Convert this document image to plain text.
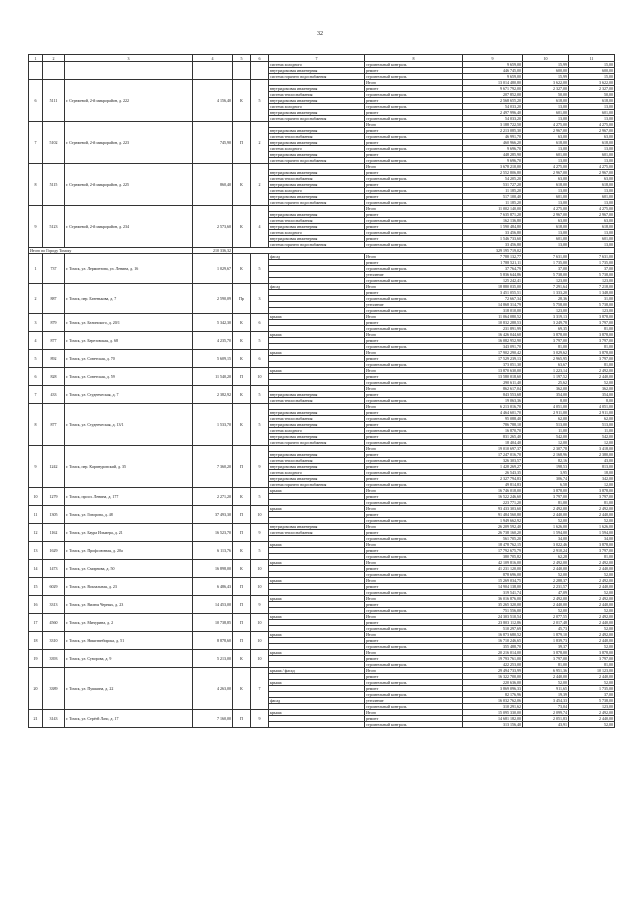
32
1	2	3	4	5	6	7	8	9	10	11
						система холодного	строительный контроль	9 659,00	15,99	15,00
						внутридомовая инженерная	ремонт	446 745,00	600,00	600,00
						система горячего водоснабжения	строительный контроль	9 659,00	15,99	15,00
6	5111	г. Стрежевой, 2-й микрорайон, д. 222	4 156,40	К	5		Итого	13 014 480,80	3 622,00	3 622,00
						внутридомовая инженерная	ремонт	9 671 792,00	2 327,00	2 327,00
						система теплоснабжения	строительный контроль	207 852,00	50,00	50,00
						внутридомовая инженерная	ремонт	2 568 655,20	618,00	618,00
						система холодного	строительный контроль	54 033,20	13,00	13,00
						внутридомовая инженерная	ремонт	2 497 996,40	601,00	601,00
						система горячего водоснабжения	строительный контроль	54 033,20	13,00	13,00
7	5102	г. Стрежевой, 2-й микрорайон, д. 223	745,90	П	2		Итого	3 188 722,50	4 275,00	4 275,00
						внутридомовая инженерная	ремонт	2 213 085,30	2 967,00	2 967,00
						система теплоснабжения	строительный контроль	46 991,70	63,00	63,00
						внутридомовая инженерная	ремонт	460 966,20	618,00	618,00
						система холодного	строительный контроль	9 696,70	13,00	13,00
						внутридомовая инженерная	ремонт	448 285,90	601,00	601,00
						система горячего водоснабжения	строительный контроль	9 696,70	13,00	13,00
8	5115	г. Стрежевой, 2-й микрорайон, д. 225	860,40	К	2		Итого	3 678 210,00	4 275,00	4 275,00
						внутридомовая инженерная	ремонт	2 552 806,80	2 967,00	2 967,00
						система теплоснабжения	строительный контроль	54 205,20	63,00	63,00
						внутридомовая инженерная	ремонт	531 727,20	618,00	618,00
						система холодного	строительный контроль	11 185,20	13,00	13,00
						внутридомовая инженерная	ремонт	517 100,40	601,00	601,00
						система горячего водоснабжения	строительный контроль	11 185,20	13,00	13,00
9	5123	г. Стрежевой, 2-й микрорайон, д. 234	2 573,60	К	4		Итого	11 002 140,00	4 275,00	4 275,00
						внутридомовая инженерная	ремонт	7 635 871,20	2 967,00	2 967,00
						система теплоснабжения	строительный контроль	162 136,80	63,00	63,00
						внутридомовая инженерная	ремонт	1 590 484,80	618,00	618,00
						система холодного	строительный контроль	33 456,80	13,00	13,00
						внутридомовая инженерная	ремонт	1 546 733,60	601,00	601,00
						система горячего водоснабжения	строительный контроль	33 456,80	13,00	13,00
Итого по Городу Томску			210 336,32					329 195 719,02		
1	737	г. Томск, ул. Лермонтова, ул. Ленина, д. 16	1 029,67	К	5	фасад	Итого	7 788 132,77	7 631,00	7 631,00
							ремонт	1 788 521,11	1 735,00	1 735,00
							строительный контроль	37 764,79	37,00	37,00
							утепление	5 836 644,86	5 738,00	5 738,00
							строительный контроль	125 242,41	123,00	123,00
2	887	г. Томск, пер. Батенькова, д. 7	2 590,09	Пр	3	фасад	Итого	18 880 035,00	7 291,64	7 218,00
							ремонт	3 451 055,51	1 333,20	1 348,00
							строительный контроль	72 667,34	28,36	31,00
							утепление	14 868 314,79	5 758,00	5 738,00
							строительный контроль	318 010,00	123,00	123,00
3	879	г. Томск, ул. Белинского, д. 20/1	5 342,30	К	6	крыша	Итого	11 064 080,52	3 319,13	3 878,00
							ремонт	10 832 288,53	3 249,78	3 797,00
							строительный контроль	231 891,99	69,35	81,00
4	877	г. Томск, ул. Березовская, д. 68	4 235,70	К	5	крыша	Итого	16 426 044,60	3 878,00	3 878,00
							ремонт	16 082 952,90	3 797,00	3 797,00
							строительный контроль	343 091,70	81,00	81,00
5	892	г. Томск, ул. Советская, д. 70	5 609,15	К	6	крыша	Итого	17 902 290,42	3 029,62	3 878,00
							ремонт	17 529 239,13	2 965,95	3 797,00
							строительный контроль	373 051,30	63,67	81,00
6	828	г. Томск, ул. Советская, д. 59	11 540,20	П	10	крыша	Итого	13 870 630,00	1 223,14	2 492,00
							ремонт	13 580 018,60	1 197,52	2 440,00
							строительный контроль	290 611,40	25,62	52,00
7	433	г. Томск, ул. Студенческая, д. 7	2 382,92	К	5		Итого	862 617,04	362,00	362,00
						внутридомовая инженерная	ремонт	843 553,68	354,00	354,00
						система теплоснабжения	строительный контроль	19 063,36	8,00	8,00
8	877	г. Томск, ул. Студенческая, д. 13/1	1 533,70	К	5		Итого	6 213 016,70	4 051,00	4 051,00
						внутридомовая инженерная	ремонт	4 464 601,70	2 911,00	2 911,00
						система теплоснабжения	строительный контроль	95 088,40	62,00	62,00
						внутридомовая инженерная	ремонт	786 788,10	513,00	513,00
						система холодного	строительный контроль	16 870,70	11,00	11,00
						внутридомовая инженерная	ремонт	831 265,40	542,00	542,00
						система горячего водоснабжения	строительный контроль	18 404,40	12,00	12,00
9	1242	г. Томск, пер. Карпнуровский, д. 35	7 360,20	П	9		Итого	19 010 697,37	2 307,78	3 418,00
						внутридомовая инженерная	ремонт	17 247 016,70	2 168,96	2 380,00
						система теплоснабжения	строительный контроль	326 303,57	82,16	43,00
						внутридомовая инженерная	ремонт	1 428 269,27	198,53	813,00
						система холодного	строительный контроль	26 543,35	3,95	18,00
						внутридомовая инженерная	ремонт	2 327 794,83	306,74	342,00
						система горячего водоснабжения	строительный контроль	49 814,83	6,58	12,00
10	1279	г. Томск, просп. Ленина, д. 177	2 271,20	К	5	крыша	Итого	16 746 018,00	3 878,00	3 878,00
							ремонт	16 522 246,60	3 797,00	3 797,00
							строительный контроль	223 771,20	81,00	81,00
11	1305	г. Томск, ул. Говорова, д. 48	37 493,30	П	10	крыша	Итого	93 433 303,60	2 492,00	2 492,00
							ремонт	91 484 560,80	2 440,00	2 440,00
							строительный контроль	1 949 662,92	52,00	52,00
12	1162	г. Томск, ул. Баура Ильмера, д. 21	16 523,70	П	9	внутридомовая инженерная	Итого	26 209 592,40	1 626,00	1 626,00
						система теплоснабжения	ремонт	26 738 160,20	1 594,00	1 594,00
							строительный контроль	561 705,20	34,00	34,00
13	1629	г. Томск, ул. Профсоюзная, д. 20а	6 113,76	К	5	крыша	Итого	18 478 762,15	3 022,46	3 878,00
							ремонт	17 792 675,79	2 910,24	3 797,00
							строительный контроль	380 705,82	62,28	81,00
14	1473	г. Томск, ул. Смирнова, д. 50	16 898,00	К	10	крыша	Итого	42 109 816,00	2 492,00	2 492,00
							ремонт	41 231 120,00	2 440,00	2 440,00
							строительный контроль	878 696,00	52,00	52,00
15	6029	г. Томск, ул. Вокзальная, д. 23	6 486,43	П	10	крыша	Итого	15 269 034,75	2 288,37	2 492,00
							ремонт	14 904 138,00	2 231,57	2 440,00
							строительный контроль	319 541,74	47,09	52,00
16	3313	г. Томск, ул. Вилюя Черных, д. 23	14 453,00	П	9	крыша	Итого	36 016 876,00	2 492,00	2 492,00
							ремонт	35 265 320,00	2 440,00	2 440,00
							строительный контроль	751 556,00	52,00	52,00
17	4560	г. Томск, ул. Мичурина, д. 2	10 738,85	П	10	крыша	Итого	24 303 510,54	2 077,55	2 492,00
							ремонт	23 803 112,86	2 017,48	2 440,00
							строительный контроль	510 297,69	45,73	52,00
18	3310	г. Томск, ул. Никитинбирска, д. 51	8 878,60	П	10	крыша	Итого	16 873 680,52	1 879,10	2 492,00
							ремонт	16 710 246,65	1 839,73	2 440,00
							строительный контроль	355 488,70	39,37	52,00
19	3393	г. Томск, ул. Суворова, д. 9	5 213,00	К	10	крыша	Итого	20 216 014,00	3 878,00	3 878,00
							ремонт	19 793 761,00	3 797,00	3 797,00
							строительный контроль	422 253,00	81,00	81,00
20	3389	г. Томск, ул. Пушкина, д. 22	4 263,00	К	7	крыша / фасад	Итого	29 494 733,99	6 951,36	10 123,00
							ремонт	16 322 700,00	2 440,00	2 440,00
						крыша	строительный контроль	220 636,00	52,00	52,00
							ремонт	3 869 096,33	911,65	1 735,00
							строительный контроль	82 176,96	19,39	37,00
						фасад	утепление	16 032 762,06	3 454,33	5 738,00
							строительный контроль	310 291,62	73,04	123,00
21	3143	г. Томск, ул. Серёгй Лазо, д. 17	7 160,00	П	9	крыша	Итого	15 095 330,00	2 099,74	2 492,00
							ремонт	14 681 182,00	2 051,83	2 440,00
							строительный контроль	313 156,40	43,91	52,00
